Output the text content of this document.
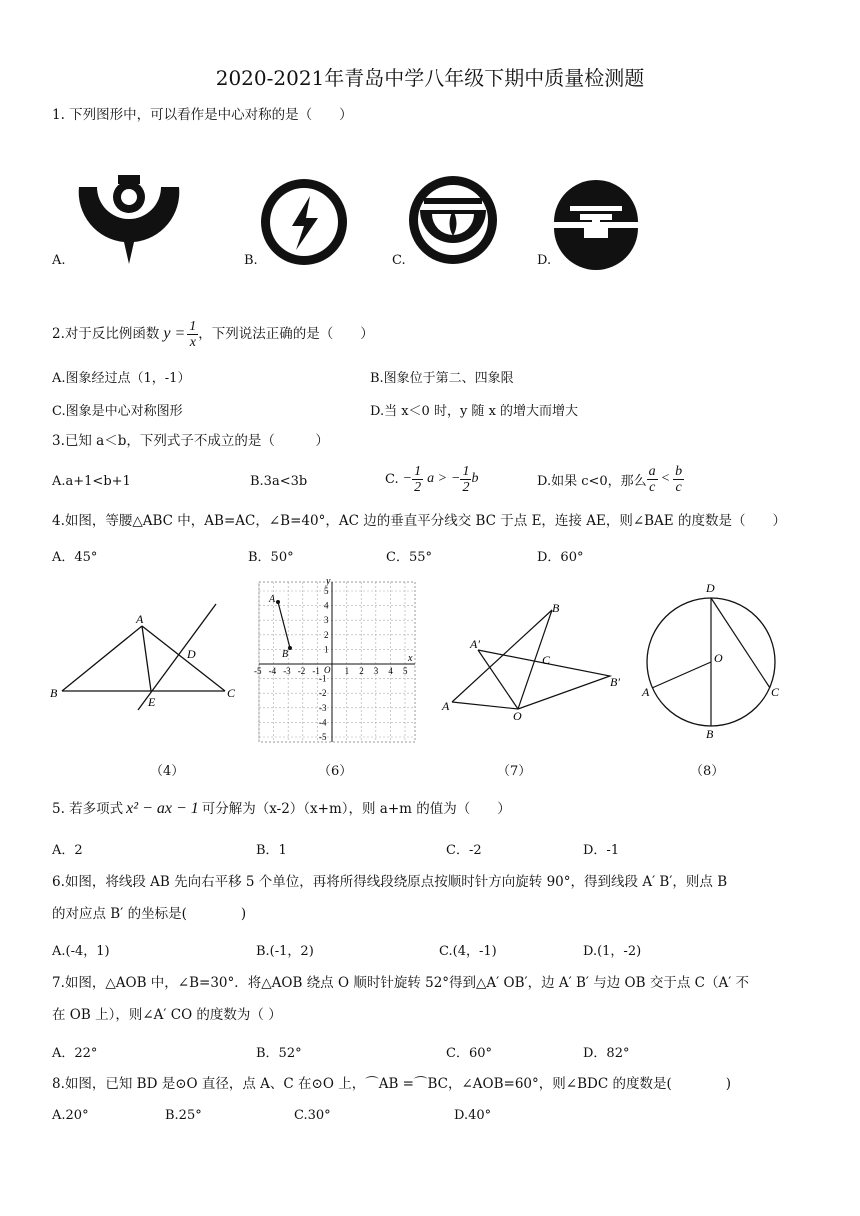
2020-2021年青岛中学八年级下期中质量检测题
1. 下列图形中，可以看作是中心对称的是（　　）
A.	B.	C.	D.
2.对于反比例函数 $y = \frac{1}{x}$ ，下列说法正确的是（　　）
A.图象经过点（1，-1）	B.图象位于第二、四象限
C.图象是中心对称图形	D.当 x＜0 时，y 随 x 的增大而增大
3.已知 a＜b，下列式子不成立的是（　　　）
A.a+1<b+1	B.3a<3b	C. − $\frac{1}{2}$ a > − $\frac{1}{2}$ b	D.如果 c<0，那么 $\frac{a}{c} < \frac{b}{c}$
4.如图，等腰△ABC 中，AB=AC，∠B=40°，AC 边的垂直平分线交 BC 于点 E，连接 AE，则∠BAE 的度数是（　　）
A．45°	B．50°	C．55°	D．60°
A
B	C
D
E
-5 -4 -3 -2 -1	1 2 3 4 5
5
4
3
2
1
-1
-2
-3
-4
-5
x
y
O
A
B
A
A′
B
B′
C
O
D
O
A	C
B
（4）	（6）	（7）	（8）
5. 若多项式 x² − ax − 1 可分解为（x-2）（x+m），则 a+m 的值为（　　）
A．2	B．1	C．-2	D．-1
6.如图，将线段 AB 先向右平移 5 个单位，再将所得线段绕原点按顺时针方向旋转 90°，得到线段 A′ B′，则点 B
的对应点 B′ 的坐标是(　　　　)
A.(-4，1)	B.(-1，2)	C.(4，-1)	D.(1，-2)
7.如图，△AOB 中，∠B=30°．将△AOB 绕点 O 顺时针旋转 52°得到△A′ OB′，边 A′ B′ 与边 OB 交于点 C（A′ 不
在 OB 上），则∠A′ CO 的度数为（ ）
A．22°	B．52°	C．60°	D．82°
8.如图，已知 BD 是⊙O 直径，点 A、C 在⊙O 上，⌒AB =⌒BC，∠AOB=60°，则∠BDC 的度数是(　　　　)
A.20°	B.25°	C.30°	D.40°
